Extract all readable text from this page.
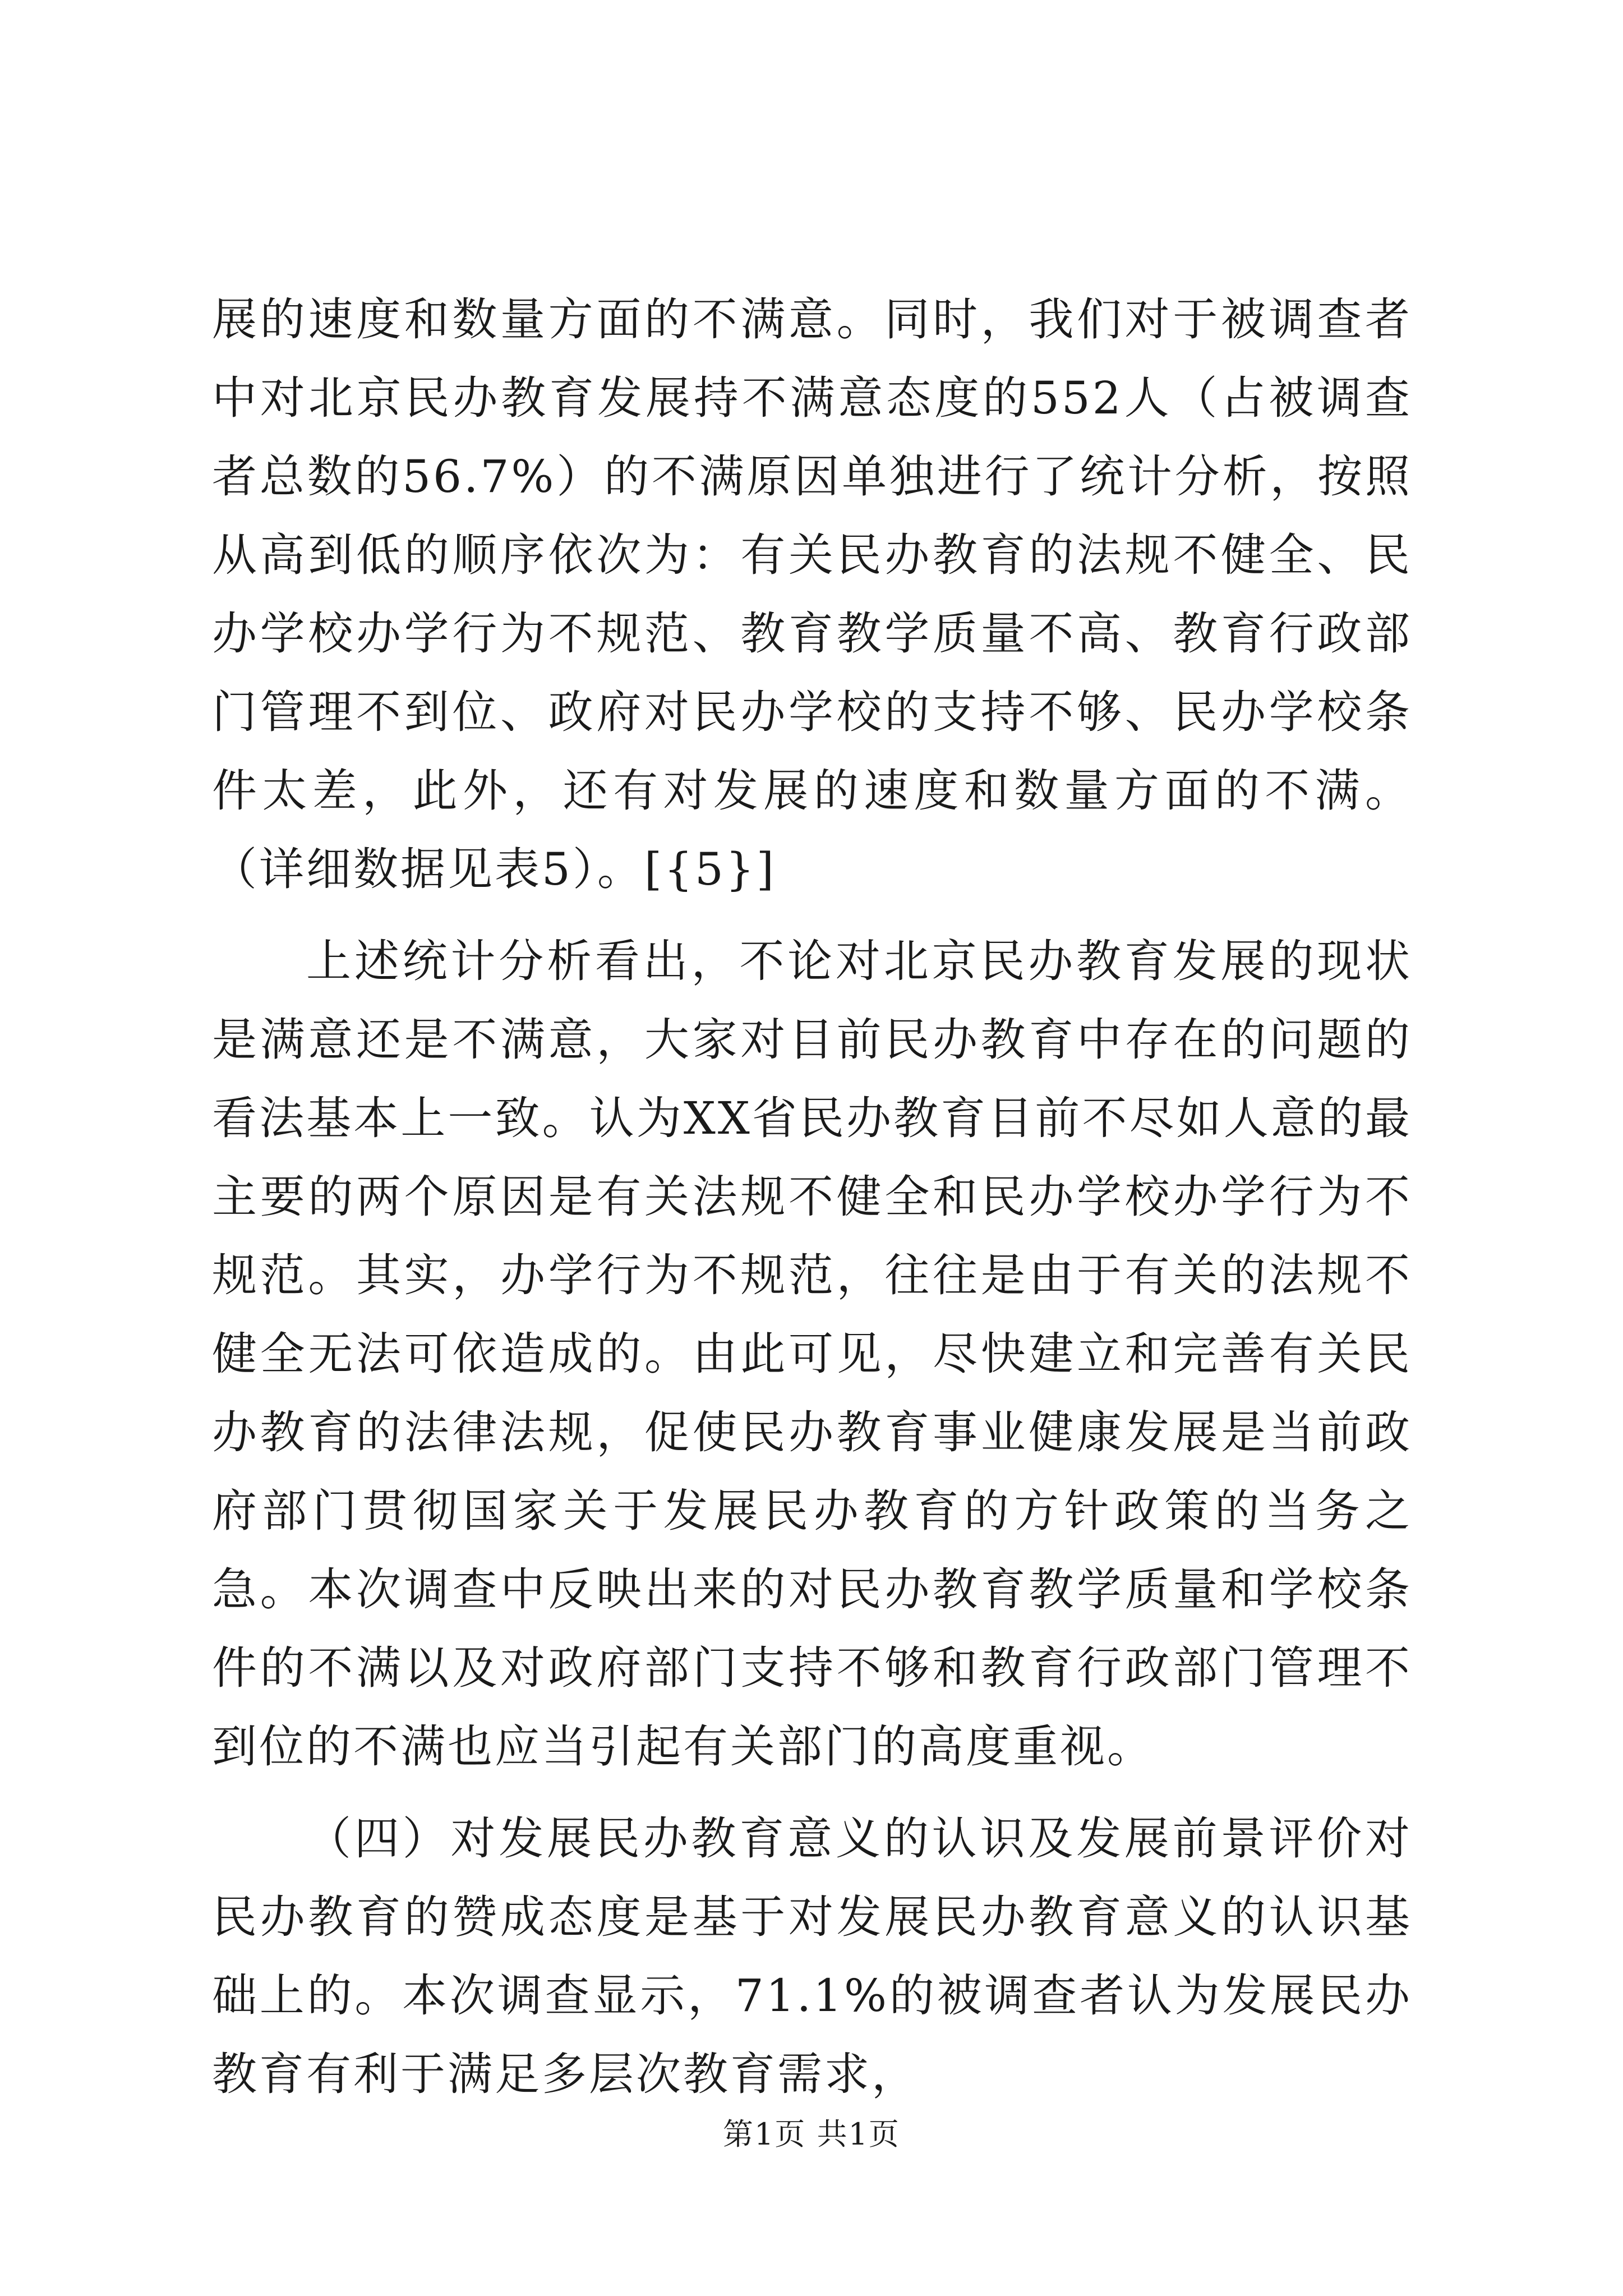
展的速度和数量方面的不满意。同时，我们对于被调查者中对北京民办教育发展持不满意态度的552人（占被调查者总数的56.7%）的不满原因单独进行了统计分析，按照从高到低的顺序依次为：有关民办教育的法规不健全、民办学校办学行为不规范、教育教学质量不高、教育行政部门管理不到位、政府对民办学校的支持不够、民办学校条件太差，此外，还有对发展的速度和数量方面的不满。（详细数据见表5）。[{5}]

上述统计分析看出，不论对北京民办教育发展的现状是满意还是不满意，大家对目前民办教育中存在的问题的看法基本上一致。认为XX省民办教育目前不尽如人意的最主要的两个原因是有关法规不健全和民办学校办学行为不规范。其实，办学行为不规范，往往是由于有关的法规不健全无法可依造成的。由此可见，尽快建立和完善有关民办教育的法律法规，促使民办教育事业健康发展是当前政府部门贯彻国家关于发展民办教育的方针政策的当务之急。本次调查中反映出来的对民办教育教学质量和学校条件的不满以及对政府部门支持不够和教育行政部门管理不到位的不满也应当引起有关部门的高度重视。

（四）对发展民办教育意义的认识及发展前景评价对民办教育的赞成态度是基于对发展民办教育意义的认识基础上的。本次调查显示，71.1%的被调查者认为发展民办教育有利于满足多层次教育需求，

第1页 共1页
